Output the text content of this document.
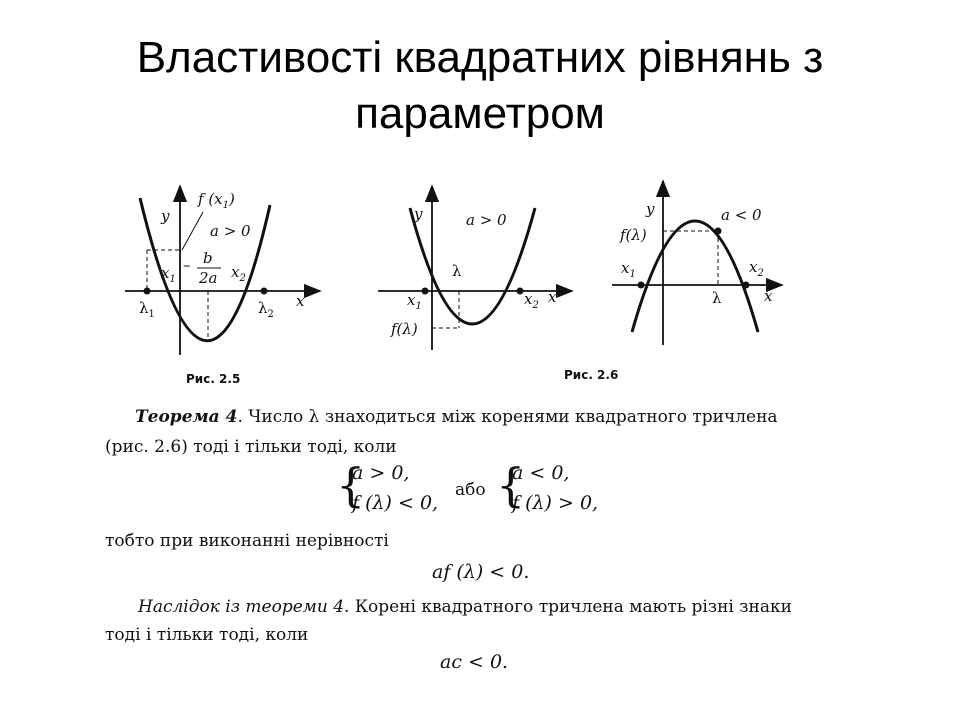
Властивості квадратних рівнянь з
параметром
y
x
f $(x_1)$
a > 0
$x_1$	$x_2$
– b
2a
$\lambda_1$	$\lambda_2$
Рис. 2.5
y
x
a > 0
λ
$x_1$	$x_2$
f(λ)
Рис. 2.6
y
x
a < 0
f(λ)
$x_1$	$x_2$
λ
Теорема 4. Число λ знаходиться між коренями квадратного тричлена
(рис. 2.6) тоді і тільки тоді, коли
{
a > 0,
f (λ) < 0,
або {
a < 0,
f (λ) > 0,
тобто при виконанні нерівності
af (λ) < 0.
Наслідок із теореми 4. Корені квадратного тричлена мають різні знаки
тоді і тільки тоді, коли
ac < 0.
